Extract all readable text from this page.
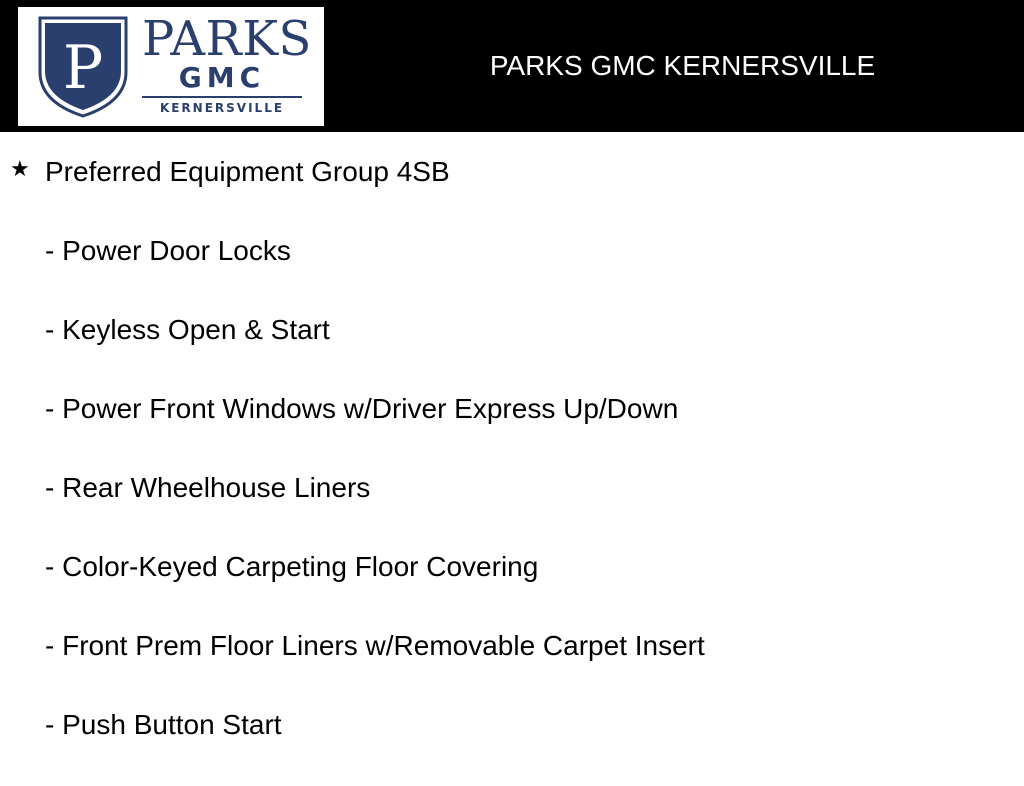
P PARKS
GMC
KERNERSVILLE
PARKS GMC KERNERSVILLE
★ Preferred Equipment Group 4SB
- Power Door Locks
- Keyless Open & Start
- Power Front Windows w/Driver Express Up/Down
- Rear Wheelhouse Liners
- Color-Keyed Carpeting Floor Covering
- Front Prem Floor Liners w/Removable Carpet Insert
- Push Button Start
